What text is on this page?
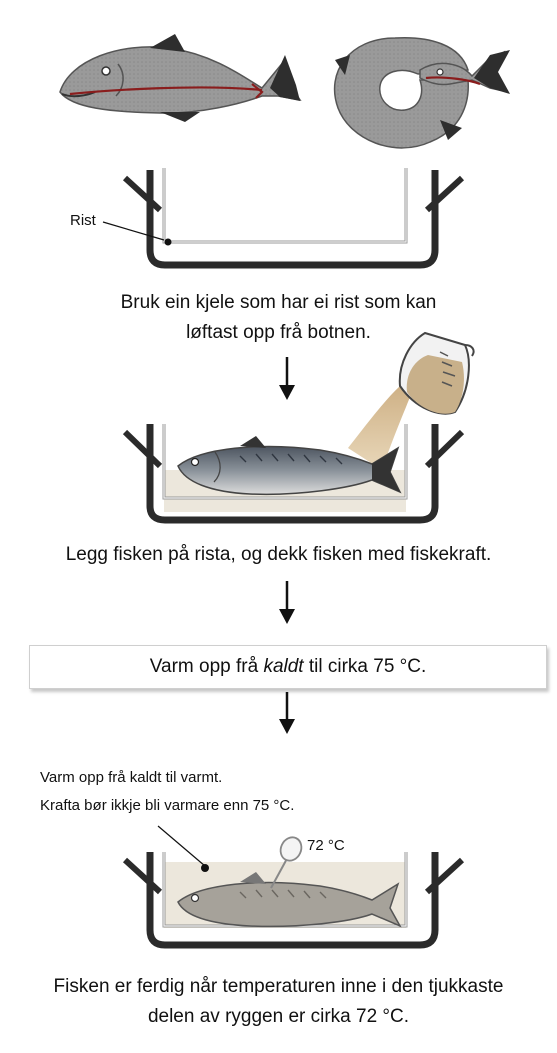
Rist
Bruk ein kjele som har ei rist som kan
løftast opp frå botnen.
Legg fisken på rista, og dekk fisken med fiskekraft.
Varm opp frå kaldt til cirka 75 °C.
Varm opp frå kaldt til varmt.
Krafta bør ikkje bli varmare enn 75 °C.
72 °C
Fisken er ferdig når temperaturen inne i den tjukkaste
delen av ryggen er cirka 72 °C.
